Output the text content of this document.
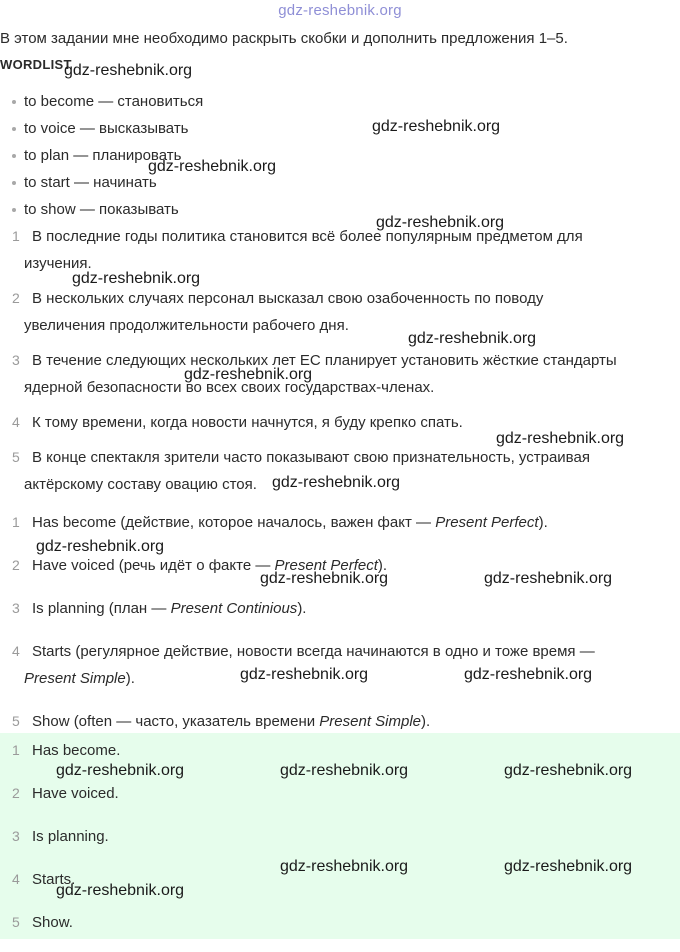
gdz-reshebnik.org
В этом задании мне необходимо раскрыть скобки и дополнить предложения 1–5.
WORDLIST
to become — становиться
to voice — высказывать
to plan — планировать
to start — начинать
to show — показывать
1 В последние годы политика становится всё более популярным предметом для
изучения.
2 В нескольких случаях персонал высказал свою озабоченность по поводу
увеличения продолжительности рабочего дня.
3 В течение следующих нескольких лет ЕС планирует установить жёсткие стандарты
ядерной безопасности во всех своих государствах-членах.
4 К тому времени, когда новости начнутся, я буду крепко спать.
5 В конце спектакля зрители часто показывают свою признательность, устраивая
актёрскому составу овацию стоя.
1 Has become (действие, которое началось, важен факт — Present Perfect).
2 Have voiced (речь идёт о факте — Present Perfect).
3 Is planning (план — Present Continious).
4 Starts (регулярное действие, новости всегда начинаются в одно и тоже время —
Present Simple).
5 Show (often — часто, указатель времени Present Simple).
1 Has become.
2 Have voiced.
3 Is planning.
4 Starts.
5 Show.
gdz-reshebnik.org
gdz-reshebnik.org
gdz-reshebnik.org
gdz-reshebnik.org
gdz-reshebnik.org
gdz-reshebnik.org
gdz-reshebnik.org
gdz-reshebnik.org
gdz-reshebnik.org
gdz-reshebnik.org
gdz-reshebnik.org	gdz-reshebnik.org
gdz-reshebnik.org	gdz-reshebnik.org
gdz-reshebnik.org	gdz-reshebnik.org	gdz-reshebnik.org
gdz-reshebnik.org	gdz-reshebnik.org
gdz-reshebnik.org
